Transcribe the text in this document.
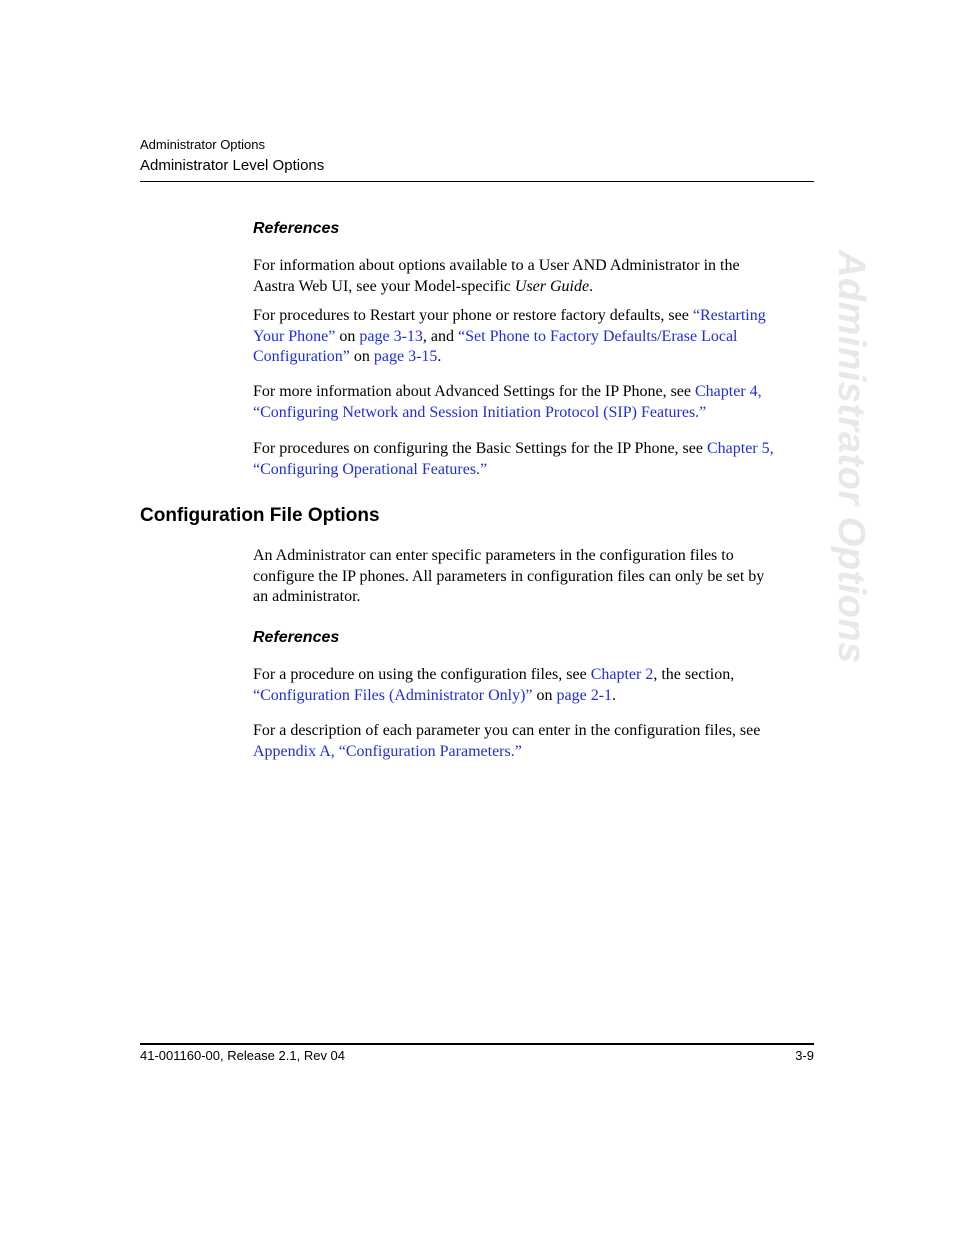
Administrator Options
Administrator Level Options
Administrator Options
References
For information about options available to a User AND Administrator in the
Aastra Web UI, see your Model-specific User Guide.
For procedures to Restart your phone or restore factory defaults, see “Restarting
Your Phone” on page 3-13, and “Set Phone to Factory Defaults/Erase Local
Configuration” on page 3-15.
For more information about Advanced Settings for the IP Phone, see Chapter 4,
“Configuring Network and Session Initiation Protocol (SIP) Features.”
For procedures on configuring the Basic Settings for the IP Phone, see Chapter 5,
“Configuring Operational Features.”
Configuration File Options
An Administrator can enter specific parameters in the configuration files to
configure the IP phones. All parameters in configuration files can only be set by
an administrator.
References
For a procedure on using the configuration files, see Chapter 2, the section,
“Configuration Files (Administrator Only)” on page 2-1.
For a description of each parameter you can enter in the configuration files, see
Appendix A, “Configuration Parameters.”
41-001160-00, Release 2.1, Rev 04	3-9
